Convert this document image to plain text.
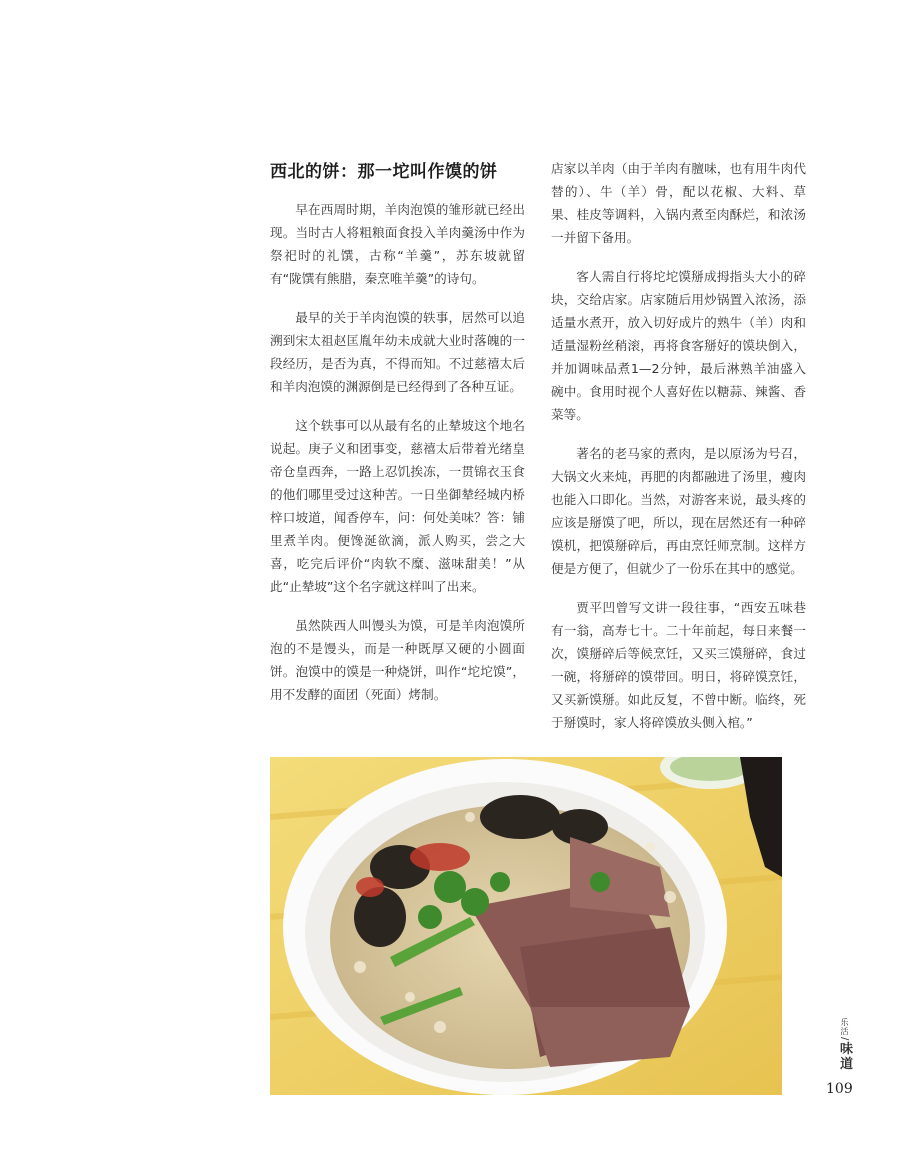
西北的饼：那一坨叫作馍的饼

早在西周时期，羊肉泡馍的雏形就已经出现。当时古人将粗粮面食投入羊肉羹汤中作为祭祀时的礼馔，古称“羊羹”，苏东坡就留有“陇馔有熊腊，秦烹唯羊羹”的诗句。

最早的关于羊肉泡馍的轶事，居然可以追溯到宋太祖赵匡胤年幼未成就大业时落魄的一段经历，是否为真，不得而知。不过慈禧太后和羊肉泡馍的渊源倒是已经得到了各种互证。

这个轶事可以从最有名的止辇坡这个地名说起。庚子义和团事变，慈禧太后带着光绪皇帝仓皇西奔，一路上忍饥挨冻，一贯锦衣玉食的他们哪里受过这种苦。一日坐御辇经城内桥梓口坡道，闻香停车，问：何处美味？答：铺里煮羊肉。便馋涎欲滴，派人购买，尝之大喜，吃完后评价“肉软不糜、滋味甜美！”从此“止辇坡”这个名字就这样叫了出来。

虽然陕西人叫馒头为馍，可是羊肉泡馍所泡的不是馒头，而是一种既厚又硬的小圆面饼。泡馍中的馍是一种烧饼，叫作“坨坨馍”，用不发酵的面团（死面）烤制。

店家以羊肉（由于羊肉有膻味，也有用牛肉代替的）、牛（羊）骨，配以花椒、大料、草果、桂皮等调料，入锅内煮至肉酥烂，和浓汤一并留下备用。

客人需自行将坨坨馍掰成拇指头大小的碎块，交给店家。店家随后用炒锅置入浓汤，添适量水煮开，放入切好成片的熟牛（羊）肉和适量湿粉丝稍滚，再将食客掰好的馍块倒入，并加调味品煮1—2分钟，最后淋熟羊油盛入碗中。食用时视个人喜好佐以糖蒜、辣酱、香菜等。

著名的老马家的煮肉，是以原汤为号召，大锅文火来炖，再肥的肉都融进了汤里，瘦肉也能入口即化。当然，对游客来说，最头疼的应该是掰馍了吧，所以，现在居然还有一种碎馍机，把馍掰碎后，再由烹饪师烹制。这样方便是方便了，但就少了一份乐在其中的感觉。

贾平凹曾写文讲一段往事，“西安五味巷有一翁，高寿七十。二十年前起，每日来餐一次，馍掰碎后等候烹饪，又买三馍掰碎，食过一碗，将掰碎的馍带回。明日，将碎馍烹饪，又买新馍掰。如此反复，不曾中断。临终，死于掰馍时，家人将碎馍放头侧入棺。”

乐活/味道
109
